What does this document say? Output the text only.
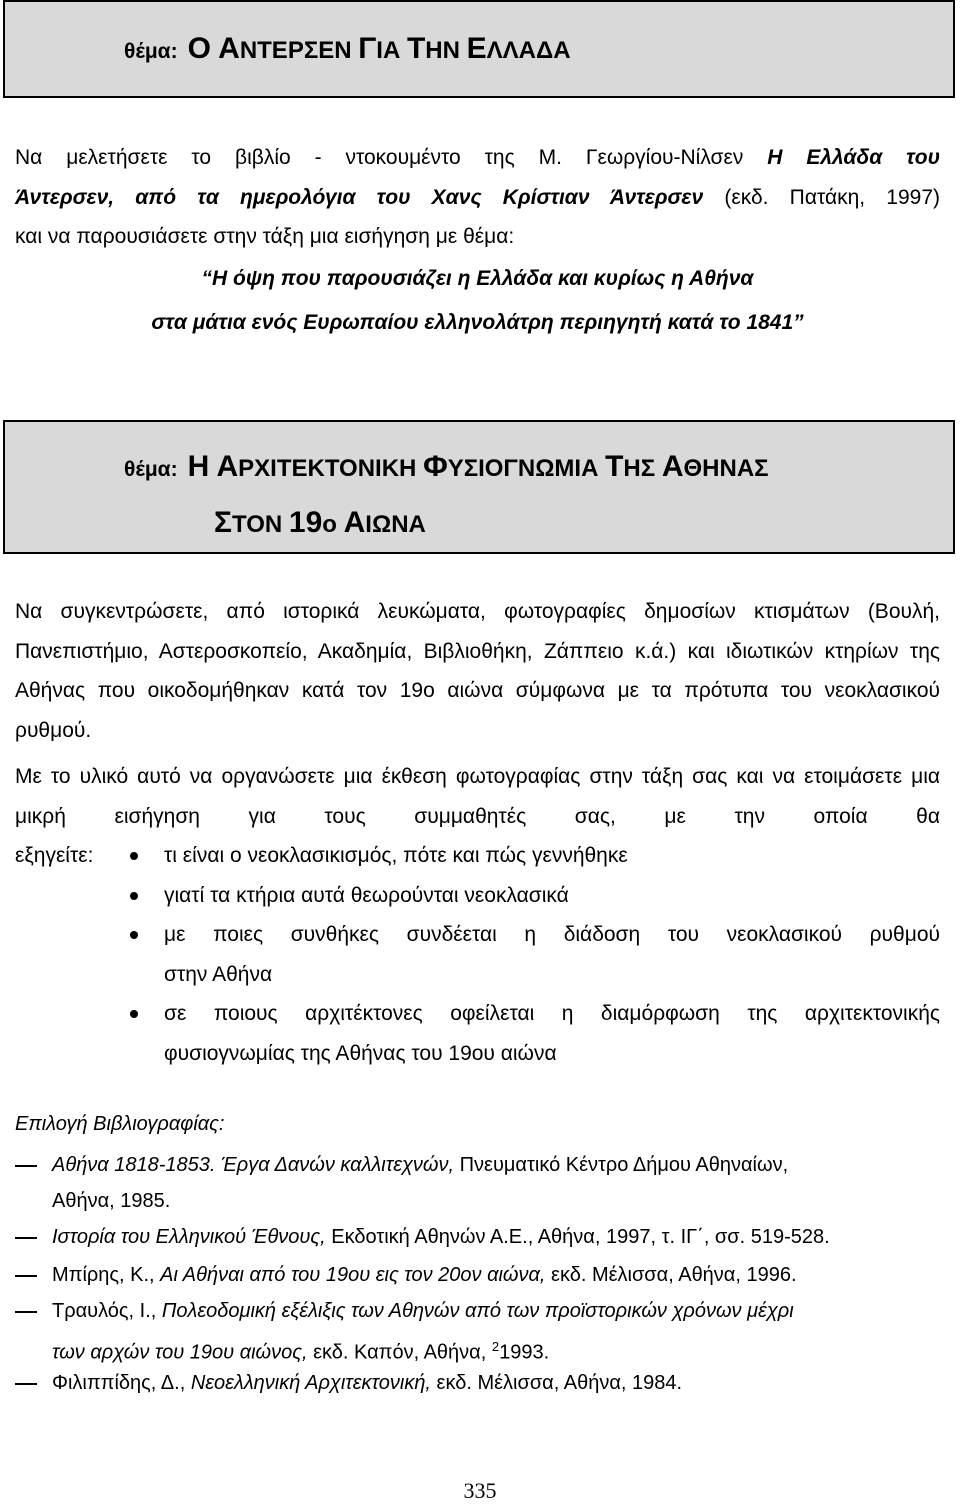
θέμα: Ο ΑΝΤΕΡΣΕΝ ΓΙΑ ΤΗΝ ΕΛΛΑΔΑ
Να μελετήσετε το βιβλίο - ντοκουμέντο της Μ. Γεωργίου-Νίλσεν Η Ελλάδα του
Άντερσεν, από τα ημερολόγια του Χανς Κρίστιαν Άντερσεν (εκδ. Πατάκη, 1997)
και να παρουσιάσετε στην τάξη μια εισήγηση με θέμα:
“Η όψη που παρουσιάζει η Ελλάδα και κυρίως η Αθήνα
στα μάτια ενός Ευρωπαίου ελληνολάτρη περιηγητή κατά το 1841”
θέμα: Η ΑΡΧΙΤΕΚΤΟΝΙΚΗ ΦΥΣΙΟΓΝΩΜΙΑ ΤΗΣ ΑΘΗΝΑΣ
ΣΤΟΝ 19ο ΑΙΩΝΑ

Να συγκεντρώσετε, από ιστορικά λευκώματα, φωτογραφίες δημοσίων κτισμάτων (Βουλή, Πανεπιστήμιο, Αστεροσκοπείο, Ακαδημία, Βιβλιοθήκη, Ζάππειο κ.ά.) και ιδιωτικών κτηρίων της Αθήνας που οικοδομήθηκαν κατά τον 19ο αιώνα σύμφωνα με τα πρότυπα του νεοκλασικού ρυθμού.

Με το υλικό αυτό να οργανώσετε μια έκθεση φωτογραφίας στην τάξη σας και να ετοιμάσετε μια μικρή εισήγηση για τους συμμαθητές σας, με την οποία θα

εξηγείτε:	τι είναι ο νεοκλασικισμός, πότε και πώς γεννήθηκε
γιατί τα κτήρια αυτά θεωρούνται νεοκλασικά
με ποιες συνθήκες συνδέεται η διάδοση του νεοκλασικού ρυθμού
στην Αθήνα
σε ποιους αρχιτέκτονες οφείλεται η διαμόρφωση της αρχιτεκτονικής
φυσιογνωμίας της Αθήνας του 19ου αιώνα
Επιλογή Βιβλιογραφίας:
Αθήνα 1818-1853. Έργα Δανών καλλιτεχνών, Πνευματικό Κέντρο Δήμου Αθηναίων,
Αθήνα, 1985.
Ιστορία του Ελληνικού Έθνους, Εκδοτική Αθηνών Α.Ε., Αθήνα, 1997, τ. ΙΓ΄, σσ. 519-528.
Μπίρης, Κ., Αι Αθήναι από του 19ου εις τον 20ον αιώνα, εκδ. Μέλισσα, Αθήνα, 1996.
Τραυλός, Ι., Πολεοδομική εξέλιξις των Αθηνών από των προϊστορικών χρόνων μέχρι
των αρχών του 19ου αιώνος, εκδ. Καπόν, Αθήνα, $^2$1993.
Φιλιππίδης, Δ., Νεοελληνική Αρχιτεκτονική, εκδ. Μέλισσα, Αθήνα, 1984.
335
